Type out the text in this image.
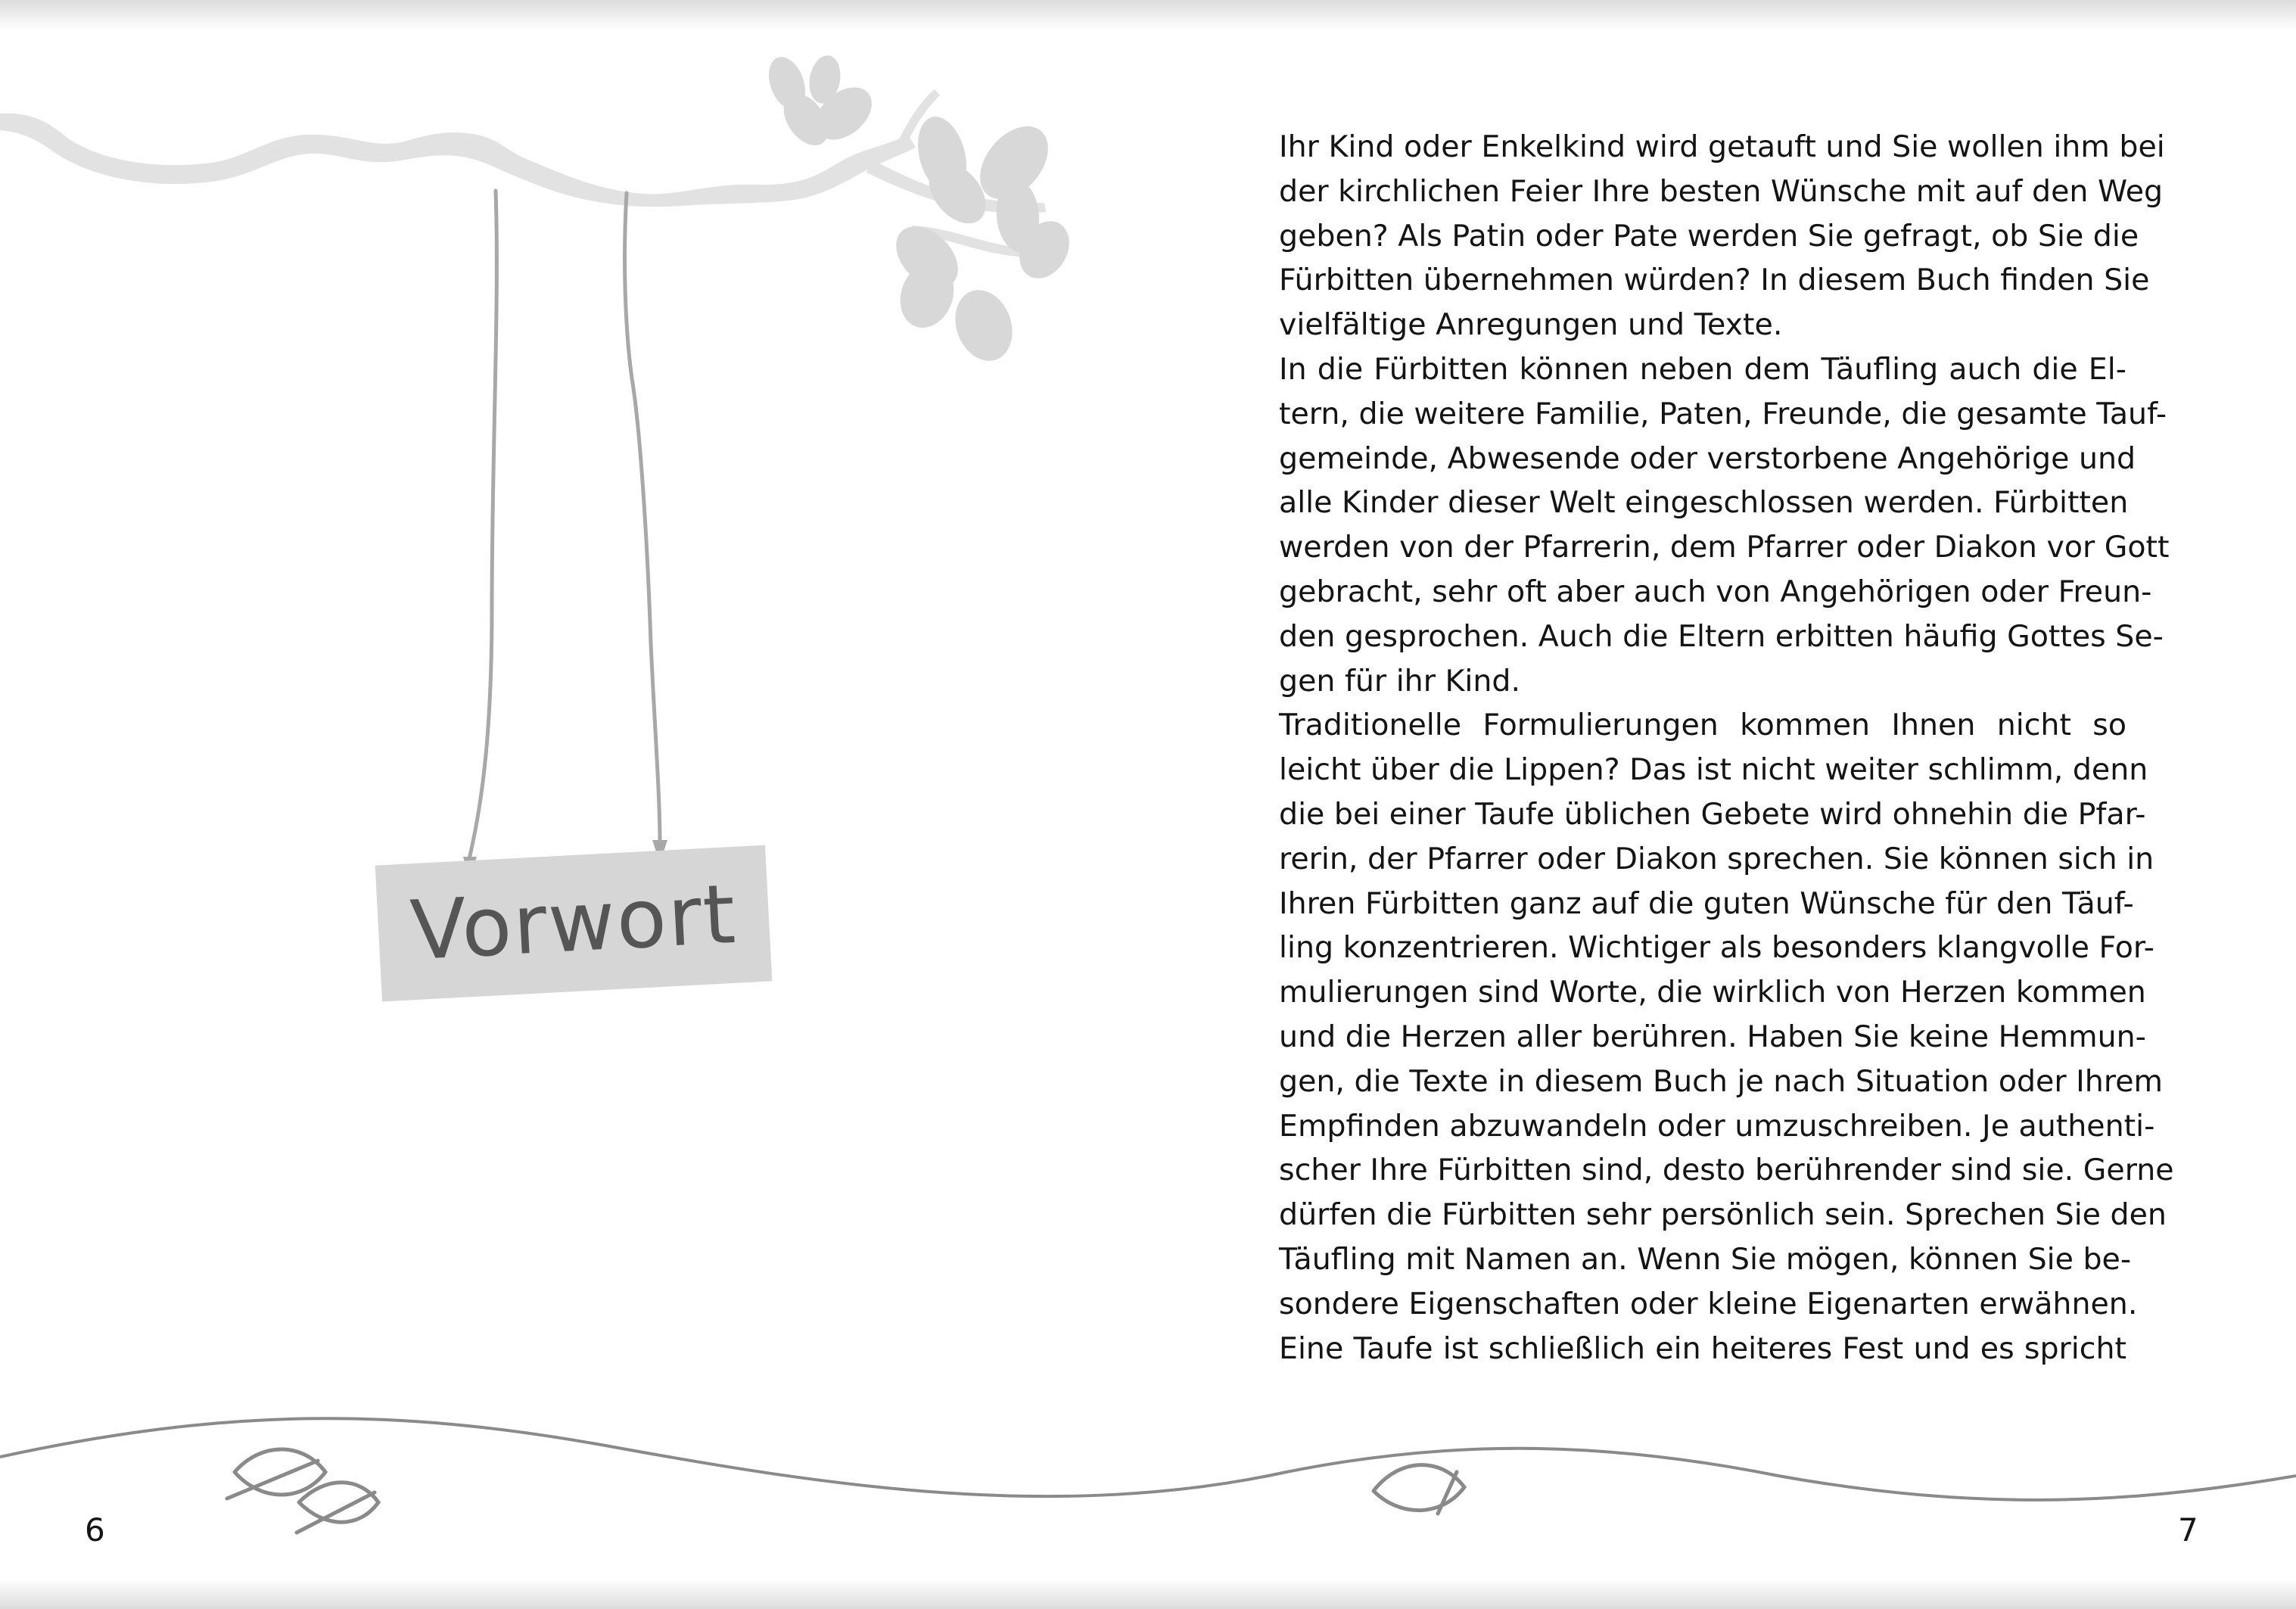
Vorwort

Ihr Kind oder Enkelkind wird getauft und Sie wollen ihm bei
der kirchlichen Feier Ihre besten Wünsche mit auf den Weg
geben? Als Patin oder Pate werden Sie gefragt, ob Sie die
Fürbitten übernehmen würden? In diesem Buch finden Sie
vielfältige Anregungen und Texte.

In die Fürbitten können neben dem Täufling auch die El-
tern, die weitere Familie, Paten, Freunde, die gesamte Tauf-
gemeinde, Abwesende oder verstorbene Angehörige und
alle Kinder dieser Welt eingeschlossen werden. Fürbitten
werden von der Pfarrerin, dem Pfarrer oder Diakon vor Gott
gebracht, sehr oft aber auch von Angehörigen oder Freun-
den gesprochen. Auch die Eltern erbitten häufig Gottes Se-
gen für ihr Kind.

Traditionelle Formulierungen kommen Ihnen nicht so
leicht über die Lippen? Das ist nicht weiter schlimm, denn
die bei einer Taufe üblichen Gebete wird ohnehin die Pfar-
rerin, der Pfarrer oder Diakon sprechen. Sie können sich in
Ihren Fürbitten ganz auf die guten Wünsche für den Täuf-
ling konzentrieren. Wichtiger als besonders klangvolle For-
mulierungen sind Worte, die wirklich von Herzen kommen
und die Herzen aller berühren. Haben Sie keine Hemmun-
gen, die Texte in diesem Buch je nach Situation oder Ihrem
Empfinden abzuwandeln oder umzuschreiben. Je authenti-
scher Ihre Fürbitten sind, desto berührender sind sie. Gerne
dürfen die Fürbitten sehr persönlich sein. Sprechen Sie den
Täufling mit Namen an. Wenn Sie mögen, können Sie be-
sondere Eigenschaften oder kleine Eigenarten erwähnen.
Eine Taufe ist schließlich ein heiteres Fest und es spricht

6	7
